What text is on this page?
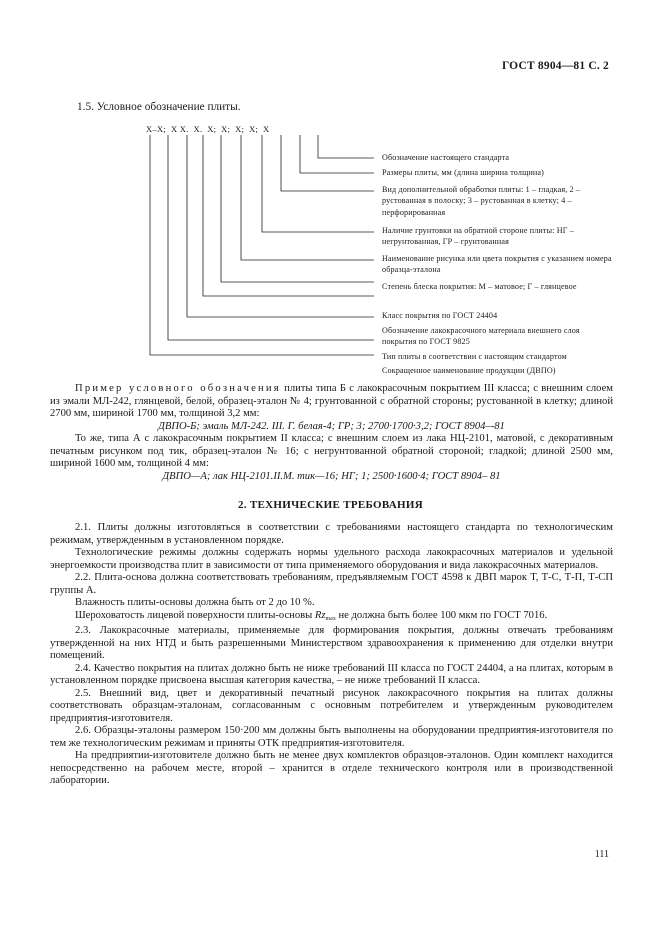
ГОСТ 8904—81 С. 2
1.5. Условное обозначение плиты.
Х–Х;  Х Х.  Х.  Х;  Х;  Х;  Х;  Х
Обозначение настоящего стандарта
Размеры плиты, мм (длина ширина толщина)
Вид дополнительной обработки плиты: 1 – гладкая, 2 – рустованная в полоску; 3 – рустованная в клетку; 4 – перфорированная
Наличие грунтовки на обратной стороне плиты: НГ – негрунтованная, ГР – грунтованная
Наименование рисунка или цвета покрытия с указанием номера образца-эталона
Степень блеска покрытия: М – матовое; Г – глянцевое
Класс покрытия по ГОСТ 24404
Обозначение лакокрасочного материала внешнего слоя покрытия по ГОСТ 9825
Тип плиты в соответствии с настоящим стандартом
Сокращенное наименование продукции (ДВПО)

Пример условного обозначения плиты типа Б с лакокрасочным покрытием III класса; с внешним слоем из эмали МЛ-242, глянцевой, белой, образец-эталон № 4; грунтованной с обратной стороны; рустованной в клетку; длиной 2700 мм, шириной 1700 мм, толщиной 3,2 мм:

ДВПО-Б; эмаль МЛ-242. III. Г. белая-4; ГР; 3; 2700·1700·3,2; ГОСТ 8904–-81

То же, типа А с лакокрасочным покрытием II класса; с внешним слоем из лака НЦ-2101, матовой, с декоративным печатным рисунком под тик, образец-эталон № 16; с негрунтованной обратной стороной; гладкой; длиной 2500 мм, шириной 1600 мм, толщиной 4 мм:

ДВПО—А; лак НЦ-2101.II.М. тик—16; НГ; 1; 2500·1600·4; ГОСТ 8904– 81

2. ТЕХНИЧЕСКИЕ ТРЕБОВАНИЯ

2.1. Плиты должны изготовляться в соответствии с требованиями настоящего стандарта по технологическим режимам, утвержденным в установленном порядке.

Технологические режимы должны содержать нормы удельного расхода лакокрасочных материалов и удельной энергоемкости производства плит в зависимости от типа применяемого оборудования и вида лакокрасочных материалов.

2.2. Плита-основа должна соответствовать требованиям, предъявляемым ГОСТ 4598 к ДВП марок Т, Т-С, Т-П, Т-СП группы А.

Влажность плиты-основы должна быть от 2 до 10 %.

Шероховатость лицевой поверхности плиты-основы $Rz_{max}$ не должна быть более 100 мкм по ГОСТ 7016.

2.3. Лакокрасочные материалы, применяемые для формирования покрытия, должны отвечать требованиям утвержденной на них НТД и быть разрешенными Министерством здравоохранения к применению для отделки внутри помещений.

2.4. Качество покрытия на плитах должно быть не ниже требований III класса по ГОСТ 24404, а на плитах, которым в установленном порядке присвоена высшая категория качества, – не ниже требований II класса.

2.5. Внешний вид, цвет и декоративный печатный рисунок лакокрасочного покрытия на плитах должны соответствовать образцам-эталонам, согласованным с основным потребителем и утвержденным руководителем предприятия-изготовителя.

2.6. Образцы-эталоны размером 150·200 мм должны быть выполнены на оборудовании предприятия-изготовителя по тем же технологическим режимам и приняты ОТК предприятия-изготовителя.

На предприятии-изготовителе должно быть не менее двух комплектов образцов-эталонов. Один комплект находится непосредственно на рабочем месте, второй – хранится в отделе технического контроля или в производственной лаборатории.

111
